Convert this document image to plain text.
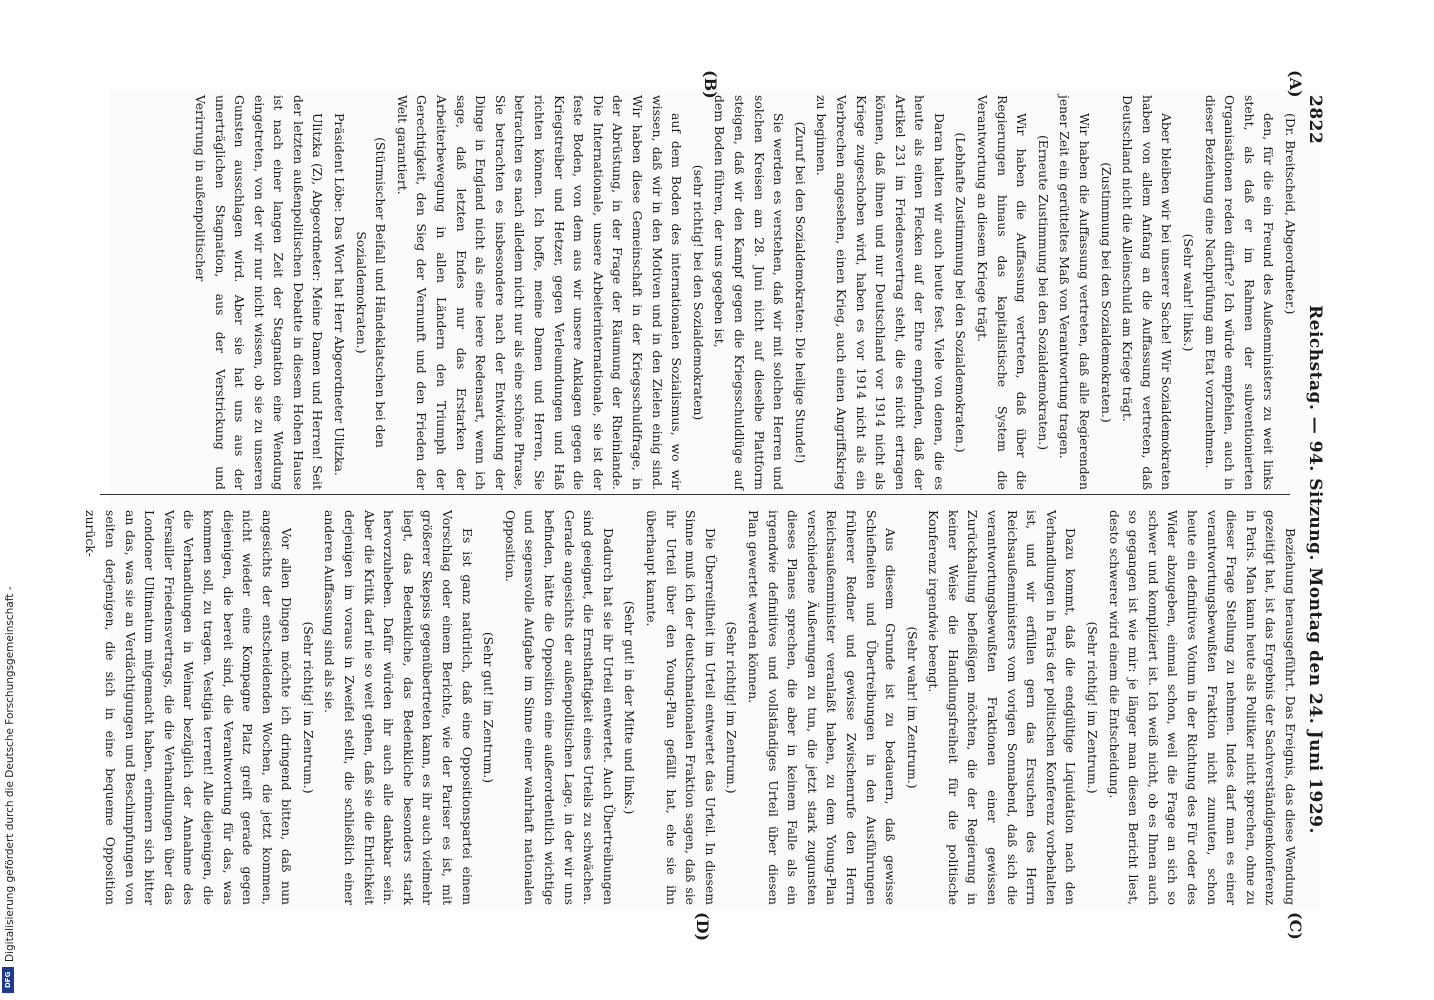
2822
Reichstag. — 94. Sitzung. Montag den 24. Juni 1929.
(A)
(B)
(C)
(D)

(Dr. Breitscheid, Abgeordneter.)

den, für die ein Freund des Außenministers zu weit links steht, als daß er im Rahmen der subventionierten Organisationen reden dürfte? Ich würde empfehlen, auch in dieser Beziehung eine Nachprüfung am Etat vorzunehmen.

(Sehr wahr! links.)

Aber bleiben wir bei unserer Sache! Wir Sozialdemokraten haben von allem Anfang an die Auffassung vertreten, daß Deutschland nicht die Alleinschuld am Kriege trägt.

(Zustimmung bei den Sozialdemokraten.)

Wir haben die Auffassung vertreten, daß alle Regierenden jener Zeit ein gerütteltes Maß von Verantwortung tragen.

(Erneute Zustimmung bei den Sozialdemokraten.)

Wir haben die Auffassung vertreten, daß über die Regierungen hinaus das kapitalistische System die Verantwortung an diesem Kriege trägt.

(Lebhafte Zustimmung bei den Sozialdemokraten.)

Daran halten wir auch heute fest. Viele von denen, die es heute als einen Flecken auf der Ehre empfinden, daß der Artikel 231 im Friedensvertrag steht, die es nicht ertragen können, daß ihnen und nur Deutschland vor 1914 nicht als Kriege zugeschoben wird, haben es vor 1914 nicht als ein Verbrechen angesehen, einen Krieg, auch einen Angriffskrieg zu beginnen.

(Zuruf bei den Sozialdemokraten: Die heilige Stunde!)

Sie werden es verstehen, daß wir mit solchen Herren und solchen Kreisen am 28. Juni nicht auf dieselbe Plattform steigen, daß wir den Kampf gegen die Kriegsschuldlüge auf dem Boden führen, der uns gegeben ist,

(sehr richtig! bei den Sozialdemokraten)

auf dem Boden des internationalen Sozialismus, wo wir wissen, daß wir in den Motiven und in den Zielen einig sind. Wir haben diese Gemeinschaft in der Kriegsschuldfrage, in der Abrüstung, in der Frage der Räumung der Rheinlande. Die Internationale, unsere Arbeiterinternationale, sie ist der feste Boden, von dem aus wir unsere Anklagen gegen die Kriegstreiber und Hetzer, gegen Verleumdungen und Haß richten können. Ich hoffe, meine Damen und Herren, Sie betrachten es nach alledem nicht nur als eine schöne Phrase, Sie betrachten es insbesondere nach der Entwicklung der Dinge in England nicht als eine leere Redensart, wenn ich sage, daß letzten Endes nur das Erstarken der Arbeiterbewegung in allen Ländern den Triumph der Gerechtigkeit, den Sieg der Vernunft und den Frieden der Welt garantiert.

(Stürmischer Beifall und Händeklatschen bei den Sozialdemokraten.)

Präsident Löbe: Das Wort hat Herr Abgeordneter Ulitzka.

Ulitzka (Z), Abgeordneter: Meine Damen und Herren! Seit der letzten außenpolitischen Debatte in diesem Hohen Hause ist nach einer langen Zeit der Stagnation eine Wendung eingetreten, von der wir nur nicht wissen, ob sie zu unseren Gunsten ausschlagen wird. Aber sie hat uns aus der unerträglichen Stagnation, aus der Verstrickung und Verirrung in außenpolitischer

Beziehung herausgeführt. Das Ereignis, das diese Wendung gezeitigt hat, ist das Ergebnis der Sachverständigenkonferenz in Paris. Man kann heute als Politiker nicht sprechen, ohne zu dieser Frage Stellung zu nehmen. Indes darf man es einer verantwortungsbewußten Fraktion nicht zumuten, schon heute ein definitives Votum in der Richtung des Für oder des Wider abzugeben, einmal schon, weil die Frage an sich so schwer und kompliziert ist. Ich weiß nicht, ob es Ihnen auch so gegangen ist wie mir: je länger man diesen Bericht liest, desto schwerer wird einem die Entscheidung.

(Sehr richtig! im Zentrum.)

Dazu kommt, daß die endgültige Liquidation nach den Verhandlungen in Paris der politischen Konferenz vorbehalten ist, und wir erfüllen gern das Ersuchen des Herrn Reichsaußenministers vom vorigen Sonnabend, daß sich die verantwortungsbewußten Fraktionen einer gewissen Zurückhaltung befleißigen möchten, die der Regierung in keiner Weise die Handlungsfreiheit für die politische Konferenz irgendwie beengt.

(Sehr wahr! im Zentrum.)

Aus diesem Grunde ist zu bedauern, daß gewisse Schiefheiten und Übertreibungen in den Ausführungen früherer Redner und gewisse Zwischenrufe den Herrn Reichsaußenminister veranlaßt haben, zu dem Young-Plan verschiedene Äußerungen zu tun, die jetzt stark zugunsten dieses Planes sprechen, die aber in keinem Falle als ein irgendwie definitives und vollständiges Urteil über diesen Plan gewertet werden können.

(Sehr richtig! im Zentrum.)

Die Überreiltheit im Urteil entwertet das Urteil. In diesem Sinne muß ich der deutschnationalen Fraktion sagen, daß sie ihr Urteil über den Young-Plan gefällt hat, ehe sie ihn überhaupt kannte.

(Sehr gut! in der Mitte und links.)

Dadurch hat sie ihr Urteil entwertet. Auch Übertreibungen sind geeignet, die Ernsthaftigkeit eines Urteils zu schwächen. Gerade angesichts der außenpolitischen Lage, in der wir uns befinden, hätte die Opposition eine außerordentlich wichtige und segensvolle Aufgabe im Sinne einer wahrhaft nationalen Opposition.

(Sehr gut! im Zentrum.)

Es ist ganz natürlich, daß eine Oppositionspartei einem Vorschlag oder einem Berichte, wie der Pariser es ist, mit größerer Skepsis gegenübertreten kann, es ihr auch vielmehr liegt, das Bedenkliche, das Bedenkliche besonders stark hervorzuheben. Dafür würden ihr auch alle dankbar sein. Aber die Kritik darf nie so weit gehen, daß sie die Ehrlichkeit derjenigen im voraus in Zweifel stellt, die schließlich einer anderen Auffassung sind als sie.

(Sehr richtig! im Zentrum.)

Vor allen Dingen möchte ich dringend bitten, daß nun angesichts der entscheidenden Wochen, die jetzt kommen, nicht wieder eine Kompagne Platz greift gerade gegen diejenigen, die bereit sind, die Verantwortung für das, was kommen soll, zu tragen. Vestigia terrent! Alle diejenigen, die die Verhandlungen in Weimar bezüglich der Annahme des Versailler Friedensvertrags, die die Verhandlungen über das Londoner Ultimatum mitgemacht haben, erinnern sich bitter an das, was sie an Verdächtigungen und Beschimpfungen von seiten derjenigen, die sich in eine bequeme Opposition zurück-

Digitalisierung gefördert durch die Deutsche Forschungsgemeinschaft -
DFG
